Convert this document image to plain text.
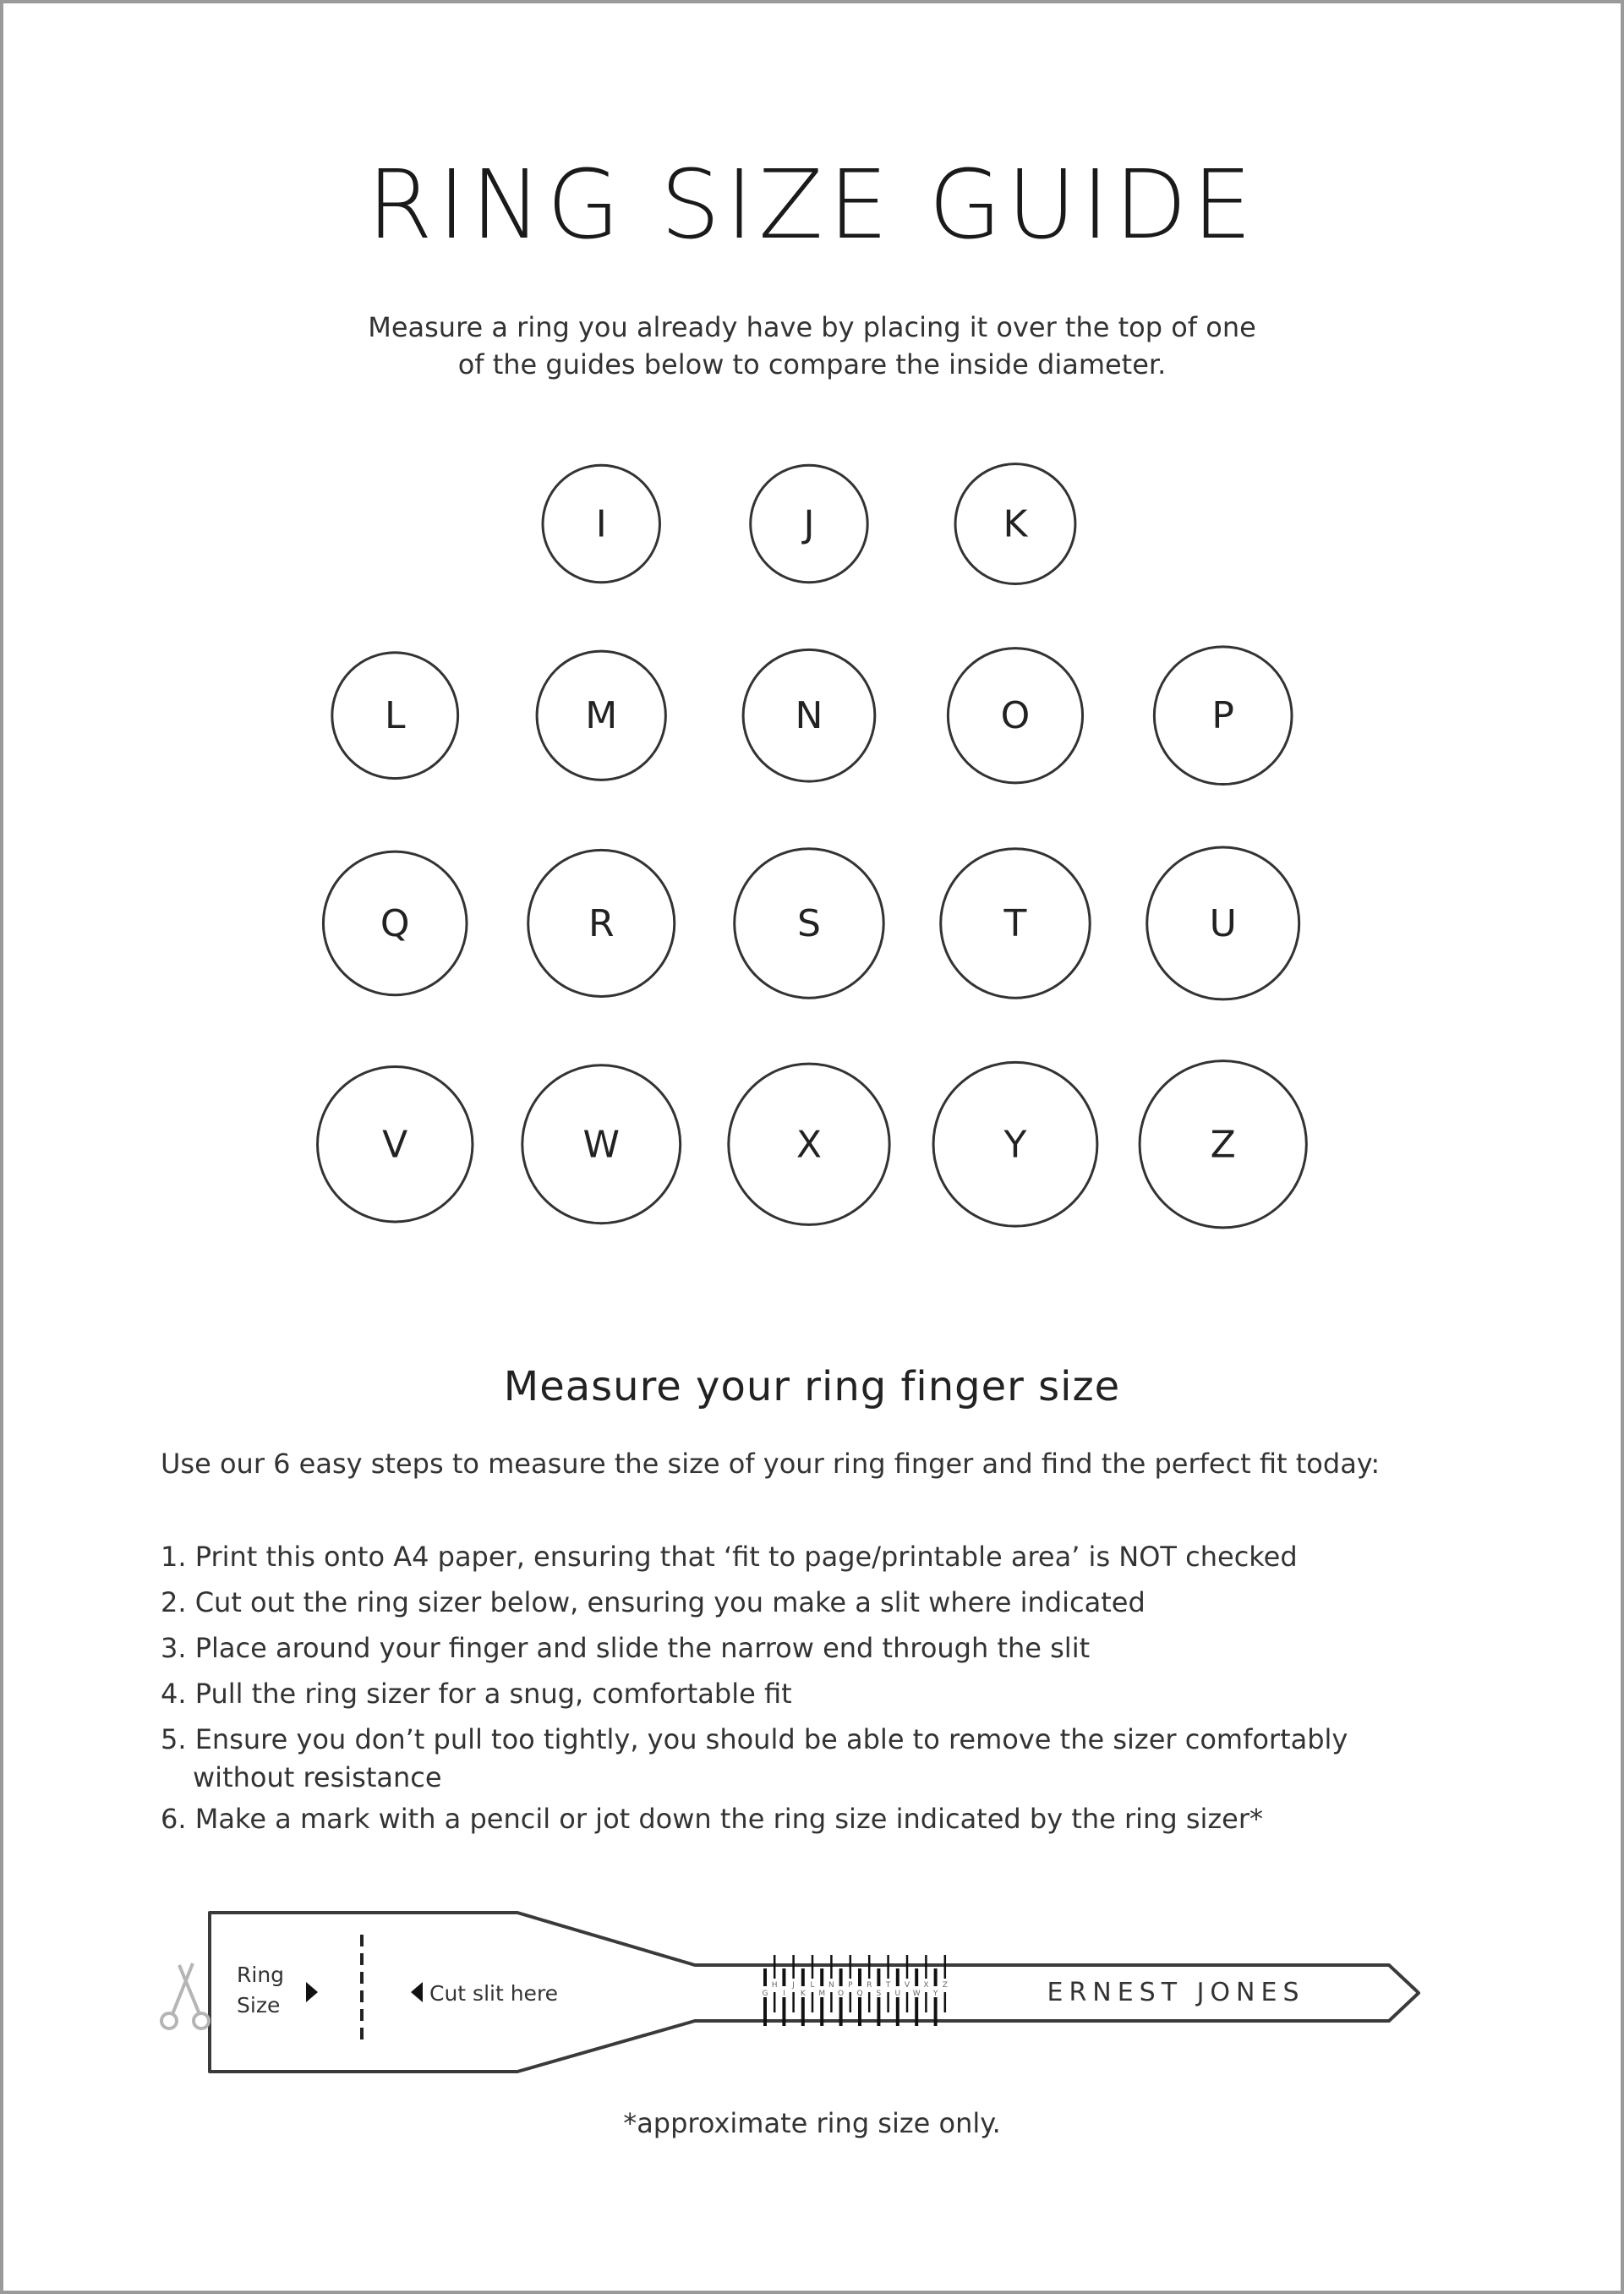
RING SIZE GUIDE
Measure a ring you already have by placing it over the top of one
of the guides below to compare the inside diameter.
I	J	K
L	M	N	O	P
Q	R	S	T	U
V	W	X	Y	Z
Measure your ring finger size
Use our 6 easy steps to measure the size of your ring finger and find the perfect fit today:
1. Print this onto A4 paper, ensuring that ‘fit to page/printable area’ is NOT checked
2. Cut out the ring sizer below, ensuring you make a slit where indicated
3. Place around your finger and slide the narrow end through the slit
4. Pull the ring sizer for a snug, comfortable fit
5. Ensure you don’t pull too tightly, you should be able to remove the sizer comfortably
without resistance
6. Make a mark with a pencil or jot down the ring size indicated by the ring sizer*
Ring
Size	Cut slit here	G
H
I
J
K
L
M
N
O
P
Q
R
S
T
U
V
W
X
Y
Z	ERNEST JONES
*approximate ring size only.
